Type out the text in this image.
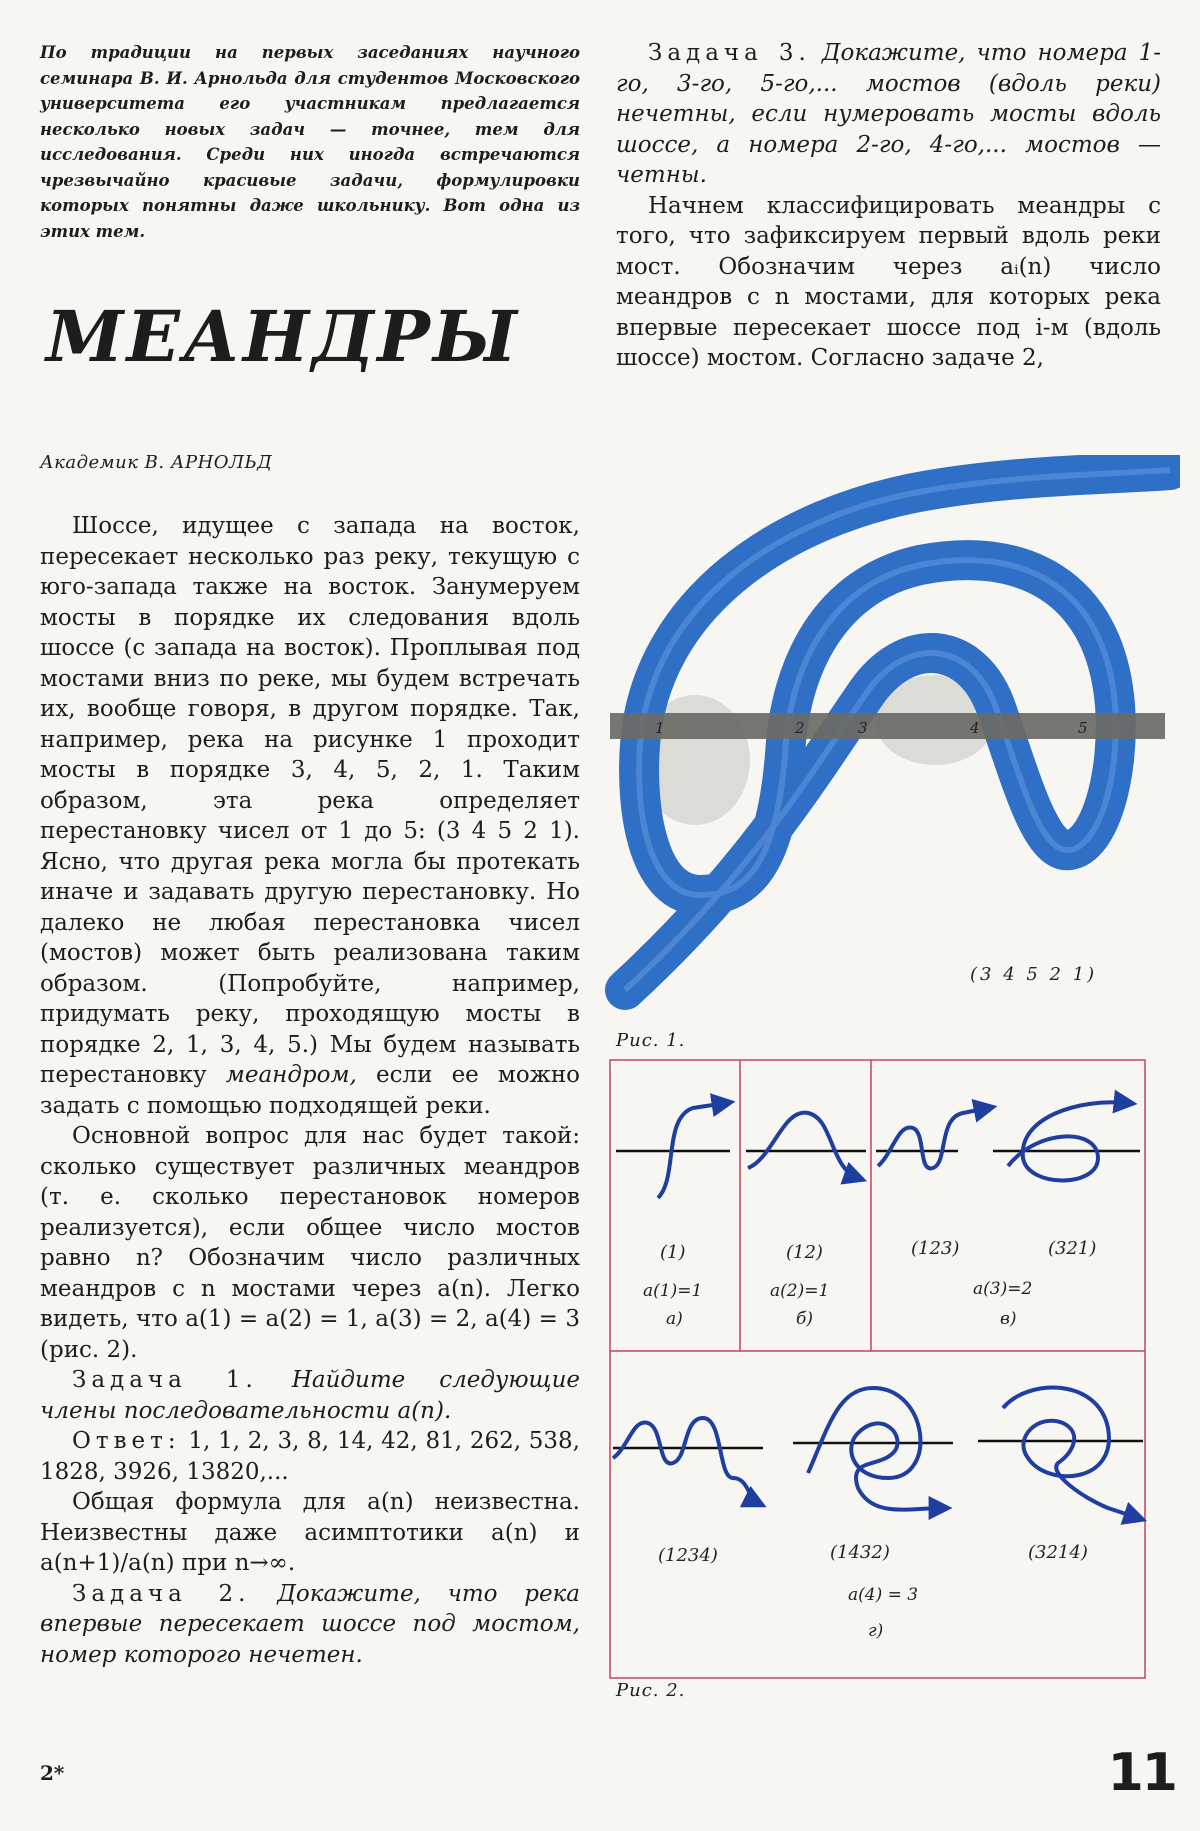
По традиции на первых заседаниях научного семинара В. И. Арнольда для студентов Московского университета его участникам предлагается несколько новых задач — точнее, тем для исследования. Среди них иногда встречаются чрезвычайно красивые задачи, формулировки которых понятны даже школьнику. Вот одна из этих тем.

МЕАНДРЫ
Академик В. АРНОЛЬД

Шоссе, идущее с запада на восток, пересекает несколько раз реку, текущую с юго-запада также на восток. Занумеруем мосты в порядке их следования вдоль шоссе (с запада на восток). Проплывая под мостами вниз по реке, мы будем встречать их, вообще говоря, в другом порядке. Так, например, река на рисунке 1 проходит мосты в порядке 3, 4, 5, 2, 1. Таким образом, эта река определяет перестановку чисел от 1 до 5: (3 4 5 2 1). Ясно, что другая река могла бы протекать иначе и задавать другую перестановку. Но далеко не любая перестановка чисел (мостов) может быть реализована таким образом. (Попробуйте, например, придумать реку, проходящую мосты в порядке 2, 1, 3, 4, 5.) Мы будем называть перестановку меандром, если ее можно задать с помощью подходящей реки.

Основной вопрос для нас будет такой: сколько существует различных меандров (т. е. сколько перестановок номеров реализуется), если общее число мостов равно n? Обозначим число различных меандров с n мостами через a(n). Легко видеть, что a(1) = a(2) = 1, a(3) = 2, a(4) = 3 (рис. 2).

Задача 1. Найдите следующие члены последовательности a(n).

Ответ: 1, 1, 2, 3, 8, 14, 42, 81, 262, 538, 1828, 3926, 13820,...

Общая формула для a(n) неизвестна. Неизвестны даже асимптотики a(n) и a(n+1)/a(n) при n→∞.

Задача 2. Докажите, что река впервые пересекает шоссе под мостом, номер которого нечетен.

Задача 3. Докажите, что номера 1-го, 3-го, 5-го,... мостов (вдоль реки) нечетны, если нумеровать мосты вдоль шоссе, а номера 2-го, 4-го,... мостов — четны.

Начнем классифицировать меандры с того, что зафиксируем первый вдоль реки мост. Обозначим через aᵢ(n) число меандров с n мостами, для которых река впервые пересекает шоссе под i-м (вдоль шоссе) мостом. Согласно задаче 2,

1	2	3	4	5
(3 4 5 2 1)
Рис. 1.
(1)
a(1)=1
а)
(12)
a(2)=1
б)
(123)	(321)
a(3)=2
в)
(1234)	(1432)	(3214)
a(4) = 3
г)
Рис. 2.
2*	11
